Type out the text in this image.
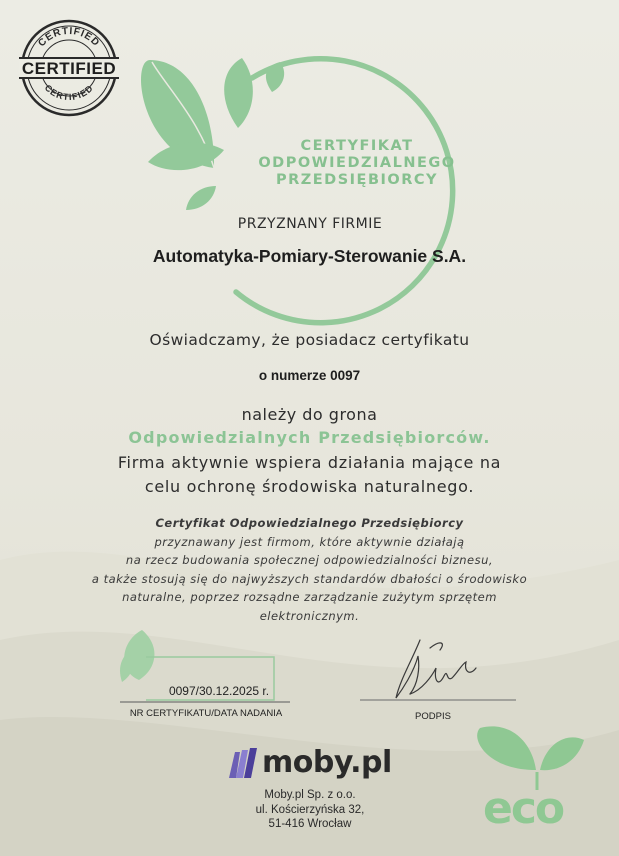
CERTIFIED
CERTIFIED
CERTIFIED
CERTYFIKAT
ODPOWIEDZIALNEGO
PRZEDSIĘBIORCY
PRZYZNANY FIRMIE
Automatyka-Pomiary-Sterowanie S.A.
Oświadczamy, że posiadacz certyfikatu
o numerze 0097
należy do grona
Odpowiedzialnych Przedsiębiorców.
Firma aktywnie wspiera działania mające na
celu ochronę środowiska naturalnego.
Certyfikat Odpowiedzialnego Przedsiębiorcy
przyznawany jest firmom, które aktywnie działają
na rzecz budowania społecznej odpowiedzialności biznesu,
a także stosują się do najwyższych standardów dbałości o środowisko
naturalne, poprzez rozsądne zarządzanie zużytym sprzętem
elektronicznym.
0097/30.12.2025 r.
NR CERTYFIKATU/DATA NADANIA	PODPIS
moby.pl
Moby.pl Sp. z o.o.
ul. Kościerzyńska 32,
51-416 Wrocław	eco
